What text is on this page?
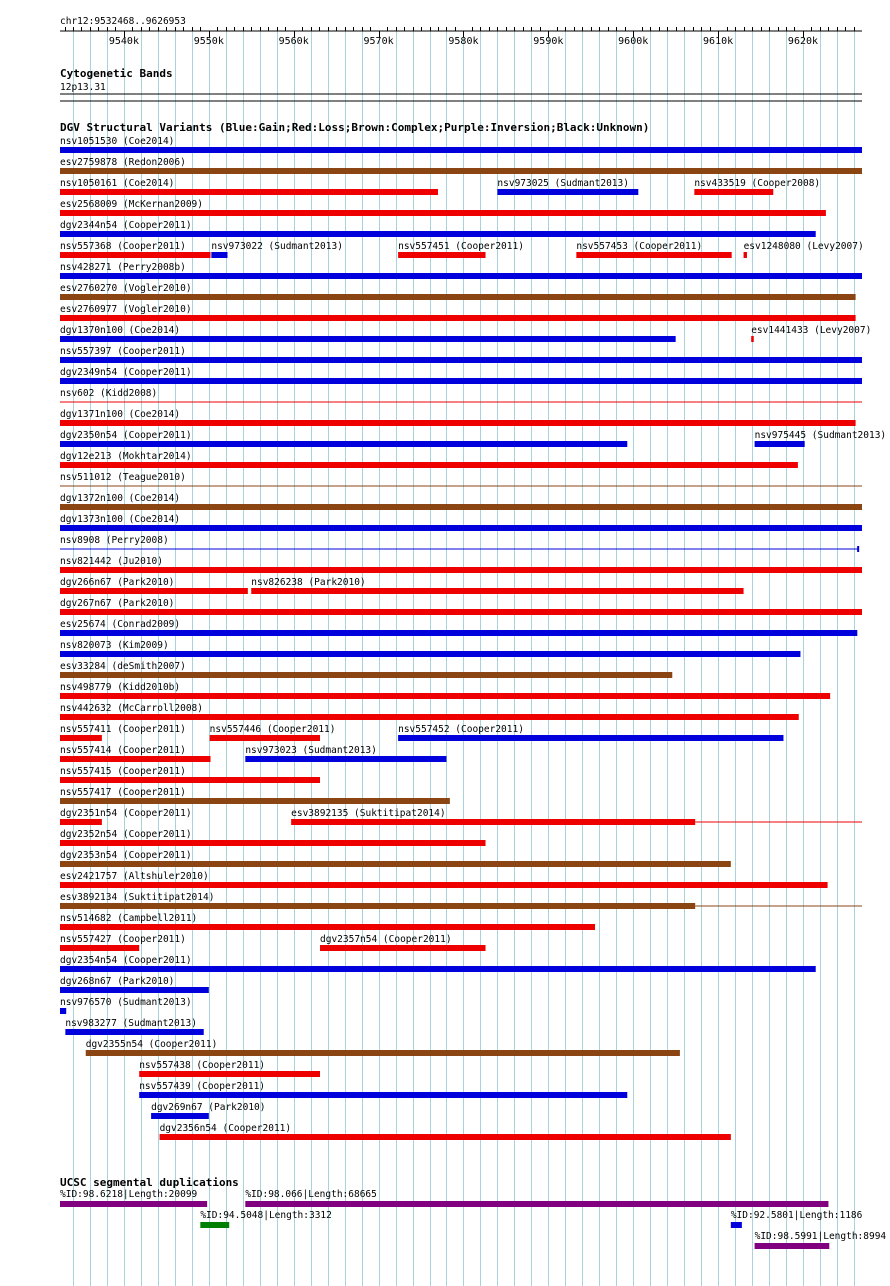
chr12:9532468..9626953
9540k	9550k	9560k	9570k	9580k	9590k	9600k	9610k	9620k
Cytogenetic Bands
12p13.31
DGV Structural Variants (Blue:Gain;Red:Loss;Brown:Complex;Purple:Inversion;Black:Unknown)
nsv1051530 (Coe2014)
esv2759878 (Redon2006)
nsv1050161 (Coe2014)	nsv973025 (Sudmant2013)	nsv433519 (Cooper2008)
esv2568009 (McKernan2009)
dgv2344n54 (Cooper2011)
nsv557368 (Cooper2011)	nsv973022 (Sudmant2013)	nsv557451 (Cooper2011)	nsv557453 (Cooper2011)	esv1248080 (Levy2007)
nsv428271 (Perry2008b)
esv2760270 (Vogler2010)
esv2760977 (Vogler2010)
dgv1370n100 (Coe2014)	esv1441433 (Levy2007)
nsv557397 (Cooper2011)
dgv2349n54 (Cooper2011)
nsv602 (Kidd2008)
dgv1371n100 (Coe2014)
dgv2350n54 (Cooper2011)	nsv975445 (Sudmant2013)
dgv12e213 (Mokhtar2014)
nsv511012 (Teague2010)
dgv1372n100 (Coe2014)
dgv1373n100 (Coe2014)
nsv8908 (Perry2008)
nsv821442 (Ju2010)
dgv266n67 (Park2010)	nsv826238 (Park2010)
dgv267n67 (Park2010)
esv25674 (Conrad2009)
nsv820073 (Kim2009)
esv33284 (deSmith2007)
nsv498779 (Kidd2010b)
nsv442632 (McCarroll2008)
nsv557411 (Cooper2011)	nsv557446 (Cooper2011)	nsv557452 (Cooper2011)
nsv557414 (Cooper2011)	nsv973023 (Sudmant2013)
nsv557415 (Cooper2011)
nsv557417 (Cooper2011)
dgv2351n54 (Cooper2011)	esv3892135 (Suktitipat2014)
dgv2352n54 (Cooper2011)
dgv2353n54 (Cooper2011)
esv2421757 (Altshuler2010)
esv3892134 (Suktitipat2014)
nsv514682 (Campbell2011)
nsv557427 (Cooper2011)	dgv2357n54 (Cooper2011)
dgv2354n54 (Cooper2011)
dgv268n67 (Park2010)
nsv976570 (Sudmant2013)
nsv983277 (Sudmant2013)
dgv2355n54 (Cooper2011)
nsv557438 (Cooper2011)
nsv557439 (Cooper2011)
dgv269n67 (Park2010)
dgv2356n54 (Cooper2011)
UCSC segmental duplications
%ID:98.6218|Length:20099	%ID:98.066|Length:68665
%ID:94.5048|Length:3312	%ID:92.5801|Length:1186
%ID:98.5991|Length:8994
